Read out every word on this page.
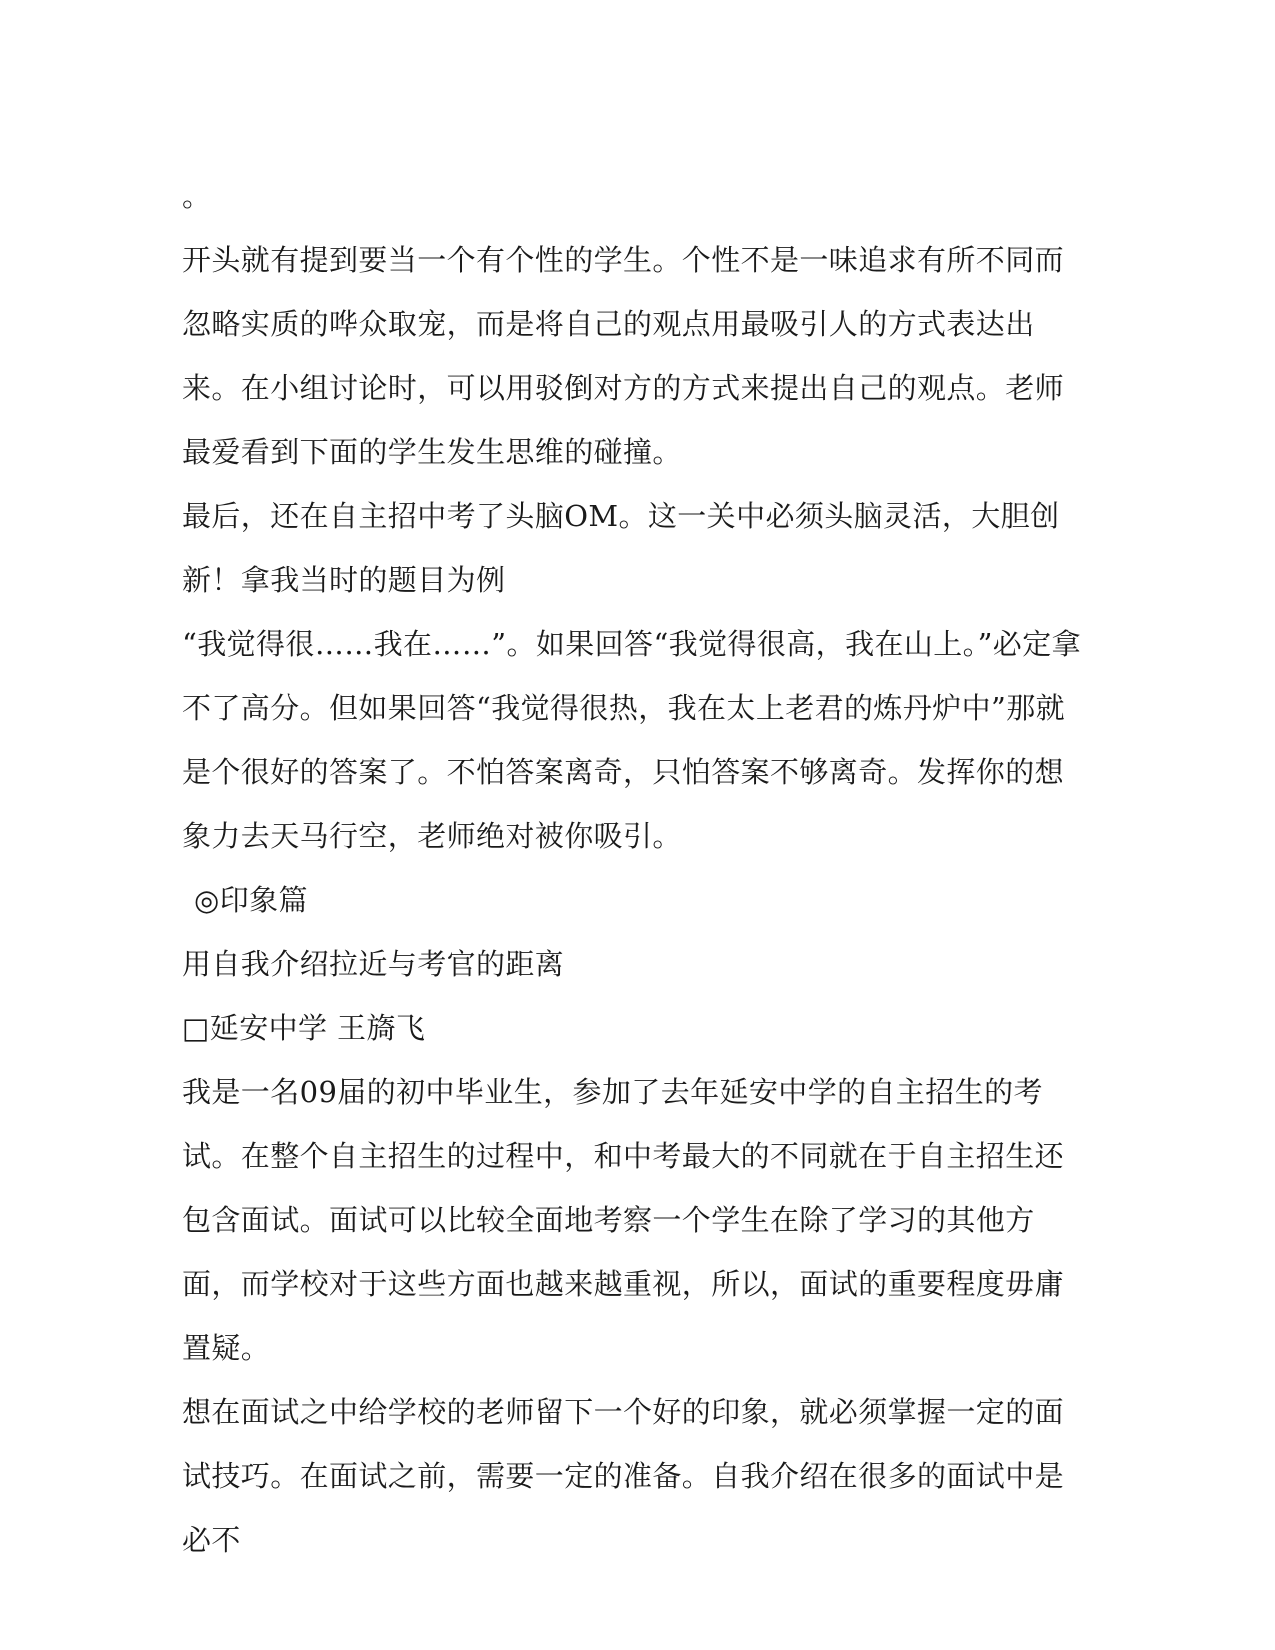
。

开头就有提到要当一个有个性的学生。个性不是一味追求有所不同而忽略实质的哗众取宠，而是将自己的观点用最吸引人的方式表达出来。在小组讨论时，可以用驳倒对方的方式来提出自己的观点。老师最爱看到下面的学生发生思维的碰撞。

最后，还在自主招中考了头脑OM。这一关中必须头脑灵活，大胆创新！拿我当时的题目为例

“我觉得很……我在……”。如果回答“我觉得很高，我在山上。”必定拿不了高分。但如果回答“我觉得很热，我在太上老君的炼丹炉中”那就是个很好的答案了。不怕答案离奇，只怕答案不够离奇。发挥你的想象力去天马行空，老师绝对被你吸引。

◎印象篇

用自我介绍拉近与考官的距离

□延安中学 王旖飞

我是一名09届的初中毕业生，参加了去年延安中学的自主招生的考试。在整个自主招生的过程中，和中考最大的不同就在于自主招生还包含面试。面试可以比较全面地考察一个学生在除了学习的其他方面，而学校对于这些方面也越来越重视，所以，面试的重要程度毋庸置疑。

想在面试之中给学校的老师留下一个好的印象，就必须掌握一定的面试技巧。在面试之前，需要一定的准备。自我介绍在很多的面试中是必不
